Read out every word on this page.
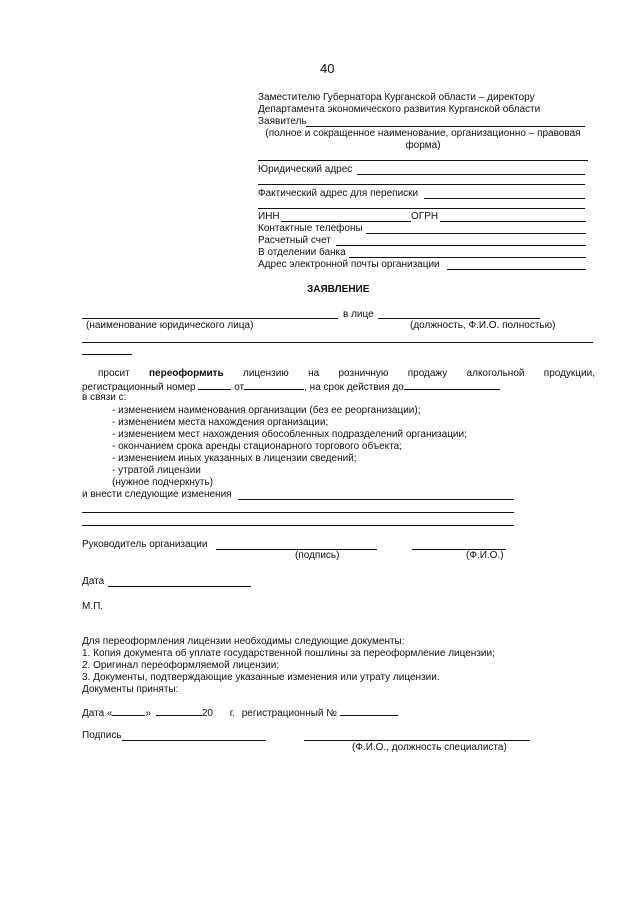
40
Заместителю Губернатора Курганской области – директору
Департамента экономического развития Курганской области
Заявитель
(полное и сокращенное наименование, организационно – правовая
форма)
Юридический адрес
Фактический адрес для переписки
ИНН	ОГРН
Контактные телефоны
Расчетный счет
В отделении банка
Адрес электронной почты организации
ЗАЯВЛЕНИЕ
в лице
(наименование юридического лица)	(должность, Ф.И.О. полностью)
просит переоформить лицензию на розничную продажу алкогольной продукции,
регистрационный номер	от	, на срок действия до
в связи с:
- изменением наименования организации (без ее реорганизации);
- изменением места нахождения организации;
- изменением мест нахождения обособленных подразделений организации;
- окончанием срока аренды стационарного торгового объекта;
- изменением иных указанных в лицензии сведений;
- утратой лицензии
(нужное подчеркнуть)
и внести следующие изменения
Руководитель организации
(подпись)	(Ф.И.О.)
Дата
М.П.
Для переоформления лицензии необходимы следующие документы:
1. Копия документа об уплате государственной пошлины за переоформление лицензии;
2. Оригинал переоформляемой лицензии;
3. Документы, подтверждающие указанные изменения или утрату лицензии.
Документы приняты:
Дата «	»	20 г. регистрационный №
Подпись
(Ф.И.О., должность специалиста)
